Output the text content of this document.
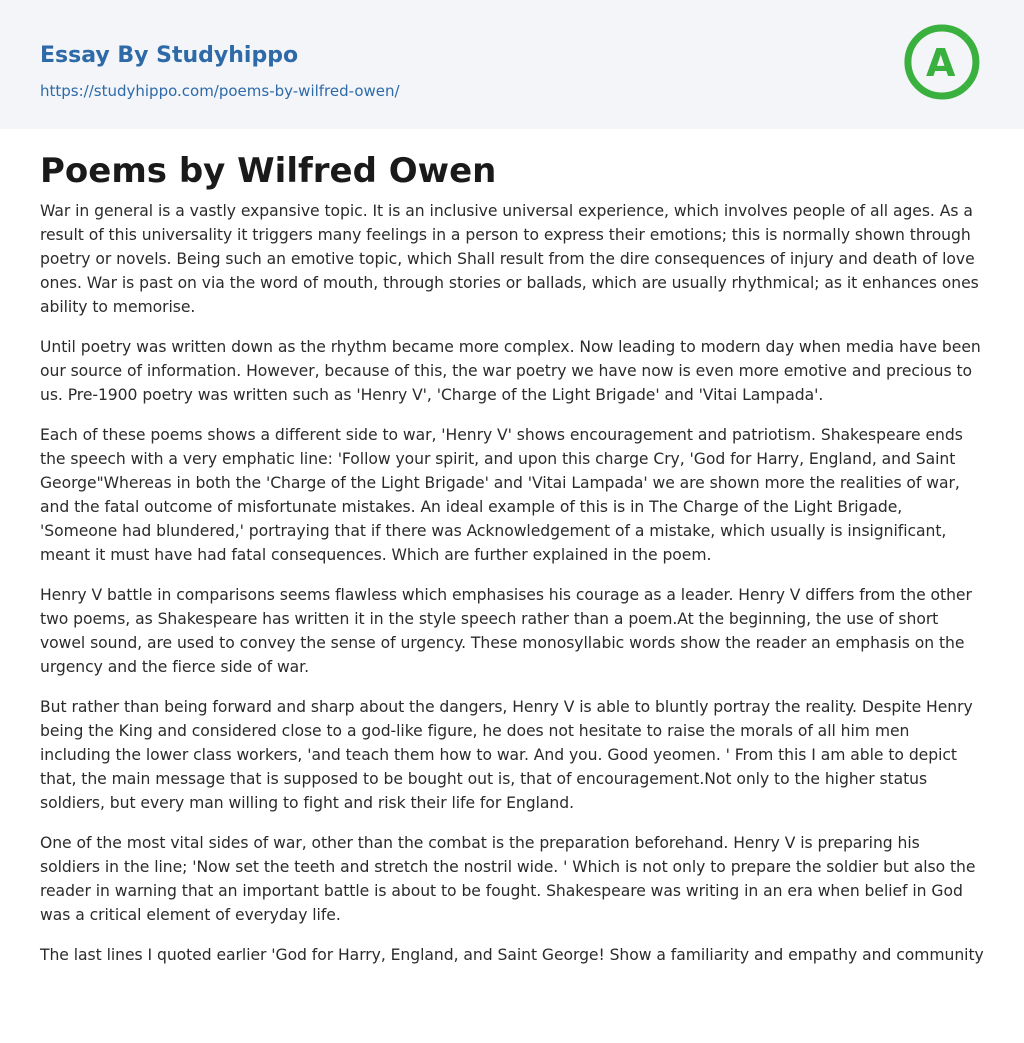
Essay By Studyhippo
https://studyhippo.com/poems-by-wilfred-owen/
A
Poems by Wilfred Owen

War in general is a vastly expansive topic. It is an inclusive universal experience, which involves people of all ages. As a result of this universality it triggers many feelings in a person to express their emotions; this is normally shown through poetry or novels. Being such an emotive topic, which Shall result from the dire consequences of injury and death of love ones. War is past on via the word of mouth, through stories or ballads, which are usually rhythmical; as it enhances ones ability to memorise.

Until poetry was written down as the rhythm became more complex. Now leading to modern day when media have been our source of information. However, because of this, the war poetry we have now is even more emotive and precious to us. Pre-1900 poetry was written such as 'Henry V', 'Charge of the Light Brigade' and 'Vitai Lampada'.

Each of these poems shows a different side to war, 'Henry V' shows encouragement and patriotism. Shakespeare ends the speech with a very emphatic line: 'Follow your spirit, and upon this charge Cry, 'God for Harry, England, and Saint George"Whereas in both the 'Charge of the Light Brigade' and 'Vitai Lampada' we are shown more the realities of war, and the fatal outcome of misfortunate mistakes. An ideal example of this is in The Charge of the Light Brigade, 'Someone had blundered,' portraying that if there was Acknowledgement of a mistake, which usually is insignificant, meant it must have had fatal consequences. Which are further explained in the poem.

Henry V battle in comparisons seems flawless which emphasises his courage as a leader. Henry V differs from the other two poems, as Shakespeare has written it in the style speech rather than a poem.At the beginning, the use of short vowel sound, are used to convey the sense of urgency. These monosyllabic words show the reader an emphasis on the urgency and the fierce side of war.

But rather than being forward and sharp about the dangers, Henry V is able to bluntly portray the reality. Despite Henry being the King and considered close to a god-like figure, he does not hesitate to raise the morals of all him men including the lower class workers, 'and teach them how to war. And you. Good yeomen. ' From this I am able to depict that, the main message that is supposed to be bought out is, that of encouragement.Not only to the higher status soldiers, but every man willing to fight and risk their life for England.

One of the most vital sides of war, other than the combat is the preparation beforehand. Henry V is preparing his soldiers in the line; 'Now set the teeth and stretch the nostril wide. ' Which is not only to prepare the soldier but also the reader in warning that an important battle is about to be fought. Shakespeare was writing in an era when belief in God was a critical element of everyday life.

The last lines I quoted earlier 'God for Harry, England, and Saint George! Show a familiarity and empathy and community
